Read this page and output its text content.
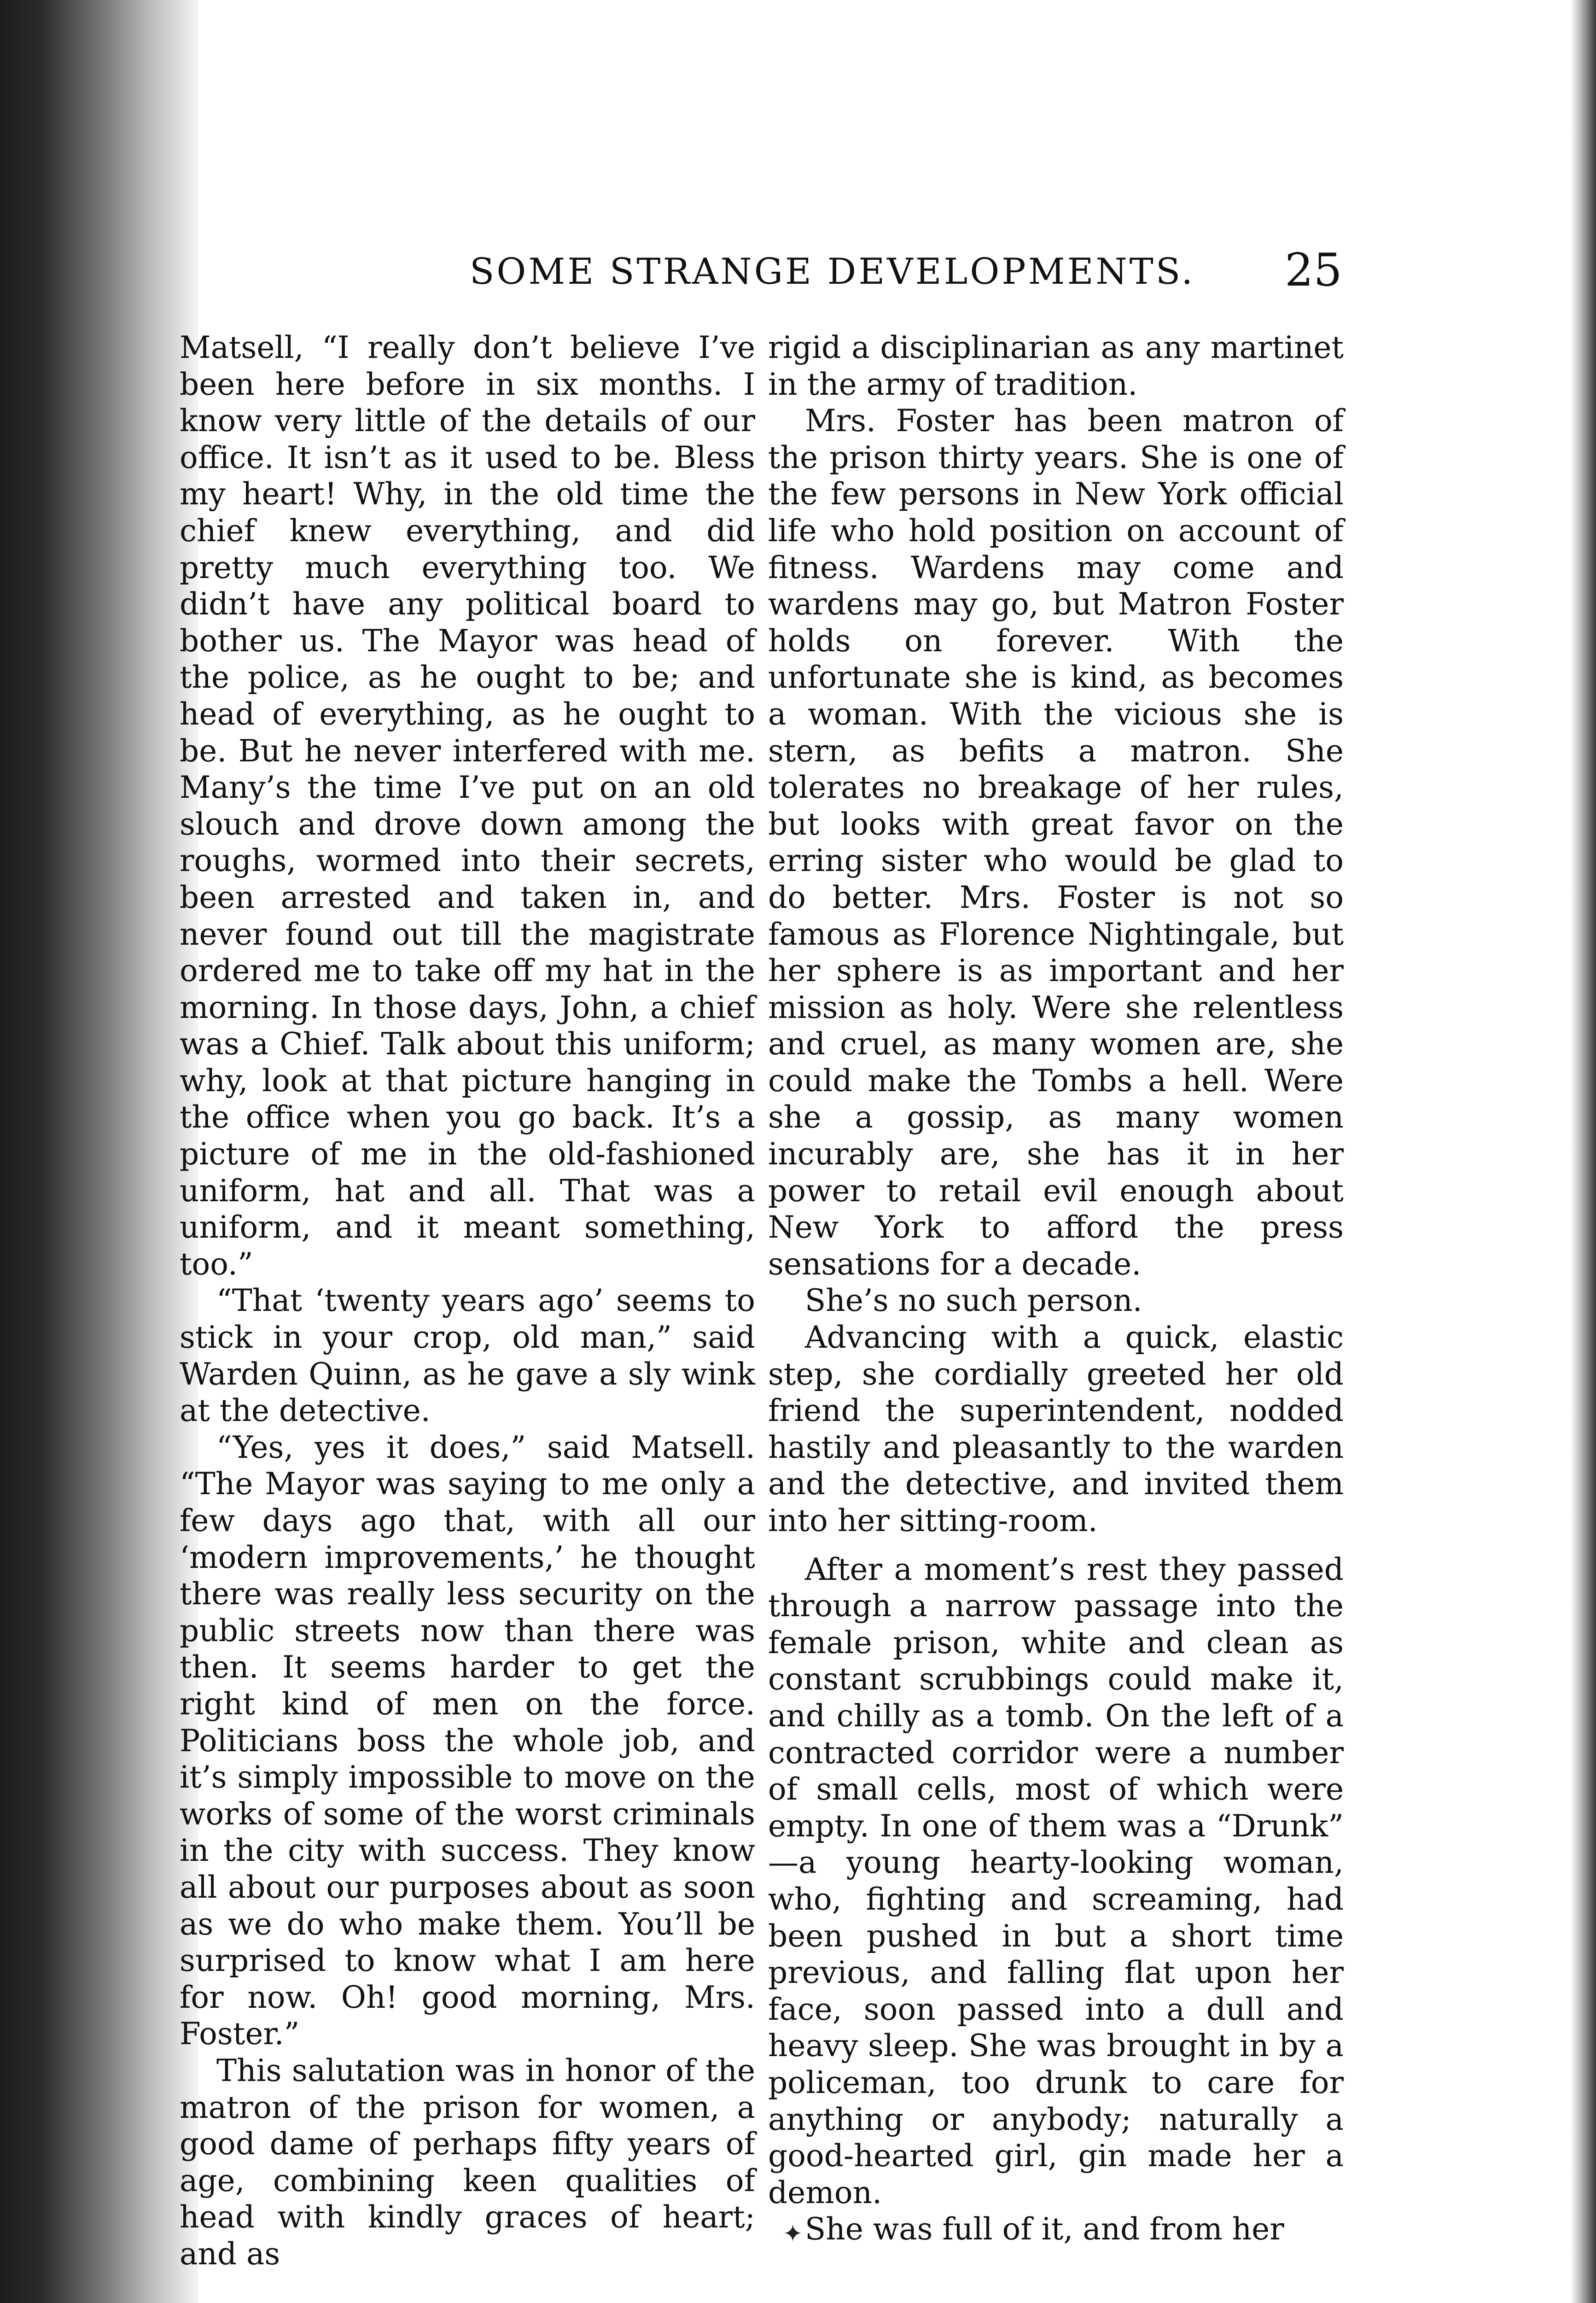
SOME STRANGE DEVELOPMENTS. 25

Matsell, “I really don’t believe I’ve been here before in six months. I know very little of the details of our office. It isn’t as it used to be. Bless my heart! Why, in the old time the chief knew everything, and did pretty much everything too. We didn’t have any political board to bother us. The Mayor was head of the police, as he ought to be; and head of everything, as he ought to be. But he never interfered with me. Many’s the time I’ve put on an old slouch and drove down among the roughs, wormed into their secrets, been arrested and taken in, and never found out till the magistrate ordered me to take off my hat in the morning. In those days, John, a chief was a Chief. Talk about this uniform; why, look at that picture hanging in the office when you go back. It’s a picture of me in the old-fashioned uniform, hat and all. That was a uniform, and it meant something, too.”

“That ‘twenty years ago’ seems to stick in your crop, old man,” said Warden Quinn, as he gave a sly wink at the detective.

“Yes, yes it does,” said Matsell. “The Mayor was saying to me only a few days ago that, with all our ‘modern improvements,’ he thought there was really less security on the public streets now than there was then. It seems harder to get the right kind of men on the force. Politicians boss the whole job, and it’s simply impossible to move on the works of some of the worst criminals in the city with success. They know all about our purposes about as soon as we do who make them. You’ll be surprised to know what I am here for now. Oh! good morning, Mrs. Foster.”

This salutation was in honor of the matron of the prison for women, a good dame of perhaps fifty years of age, combining keen qualities of head with kindly graces of heart; and as

rigid a disciplinarian as any martinet in the army of tradition.

Mrs. Foster has been matron of the prison thirty years. She is one of the few persons in New York official life who hold position on account of fitness. Wardens may come and wardens may go, but Matron Foster holds on forever. With the unfortunate she is kind, as becomes a woman. With the vicious she is stern, as befits a matron. She tolerates no breakage of her rules, but looks with great favor on the erring sister who would be glad to do better. Mrs. Foster is not so famous as Florence Nightingale, but her sphere is as important and her mission as holy. Were she relentless and cruel, as many women are, she could make the Tombs a hell. Were she a gossip, as many women incurably are, she has it in her power to retail evil enough about New York to afford the press sensations for a decade.

She’s no such person.

Advancing with a quick, elastic step, she cordially greeted her old friend the superintendent, nodded hastily and pleasantly to the warden and the detective, and invited them into her sitting-room.

After a moment’s rest they passed through a narrow passage into the female prison, white and clean as constant scrubbings could make it, and chilly as a tomb. On the left of a contracted corridor were a number of small cells, most of which were empty. In one of them was a “Drunk” —a young hearty-looking woman, who, fighting and screaming, had been pushed in but a short time previous, and falling flat upon her face, soon passed into a dull and heavy sleep. She was brought in by a policeman, too drunk to care for anything or anybody; naturally a good-hearted girl, gin made her a demon.

She was full of it, and from her

✦
